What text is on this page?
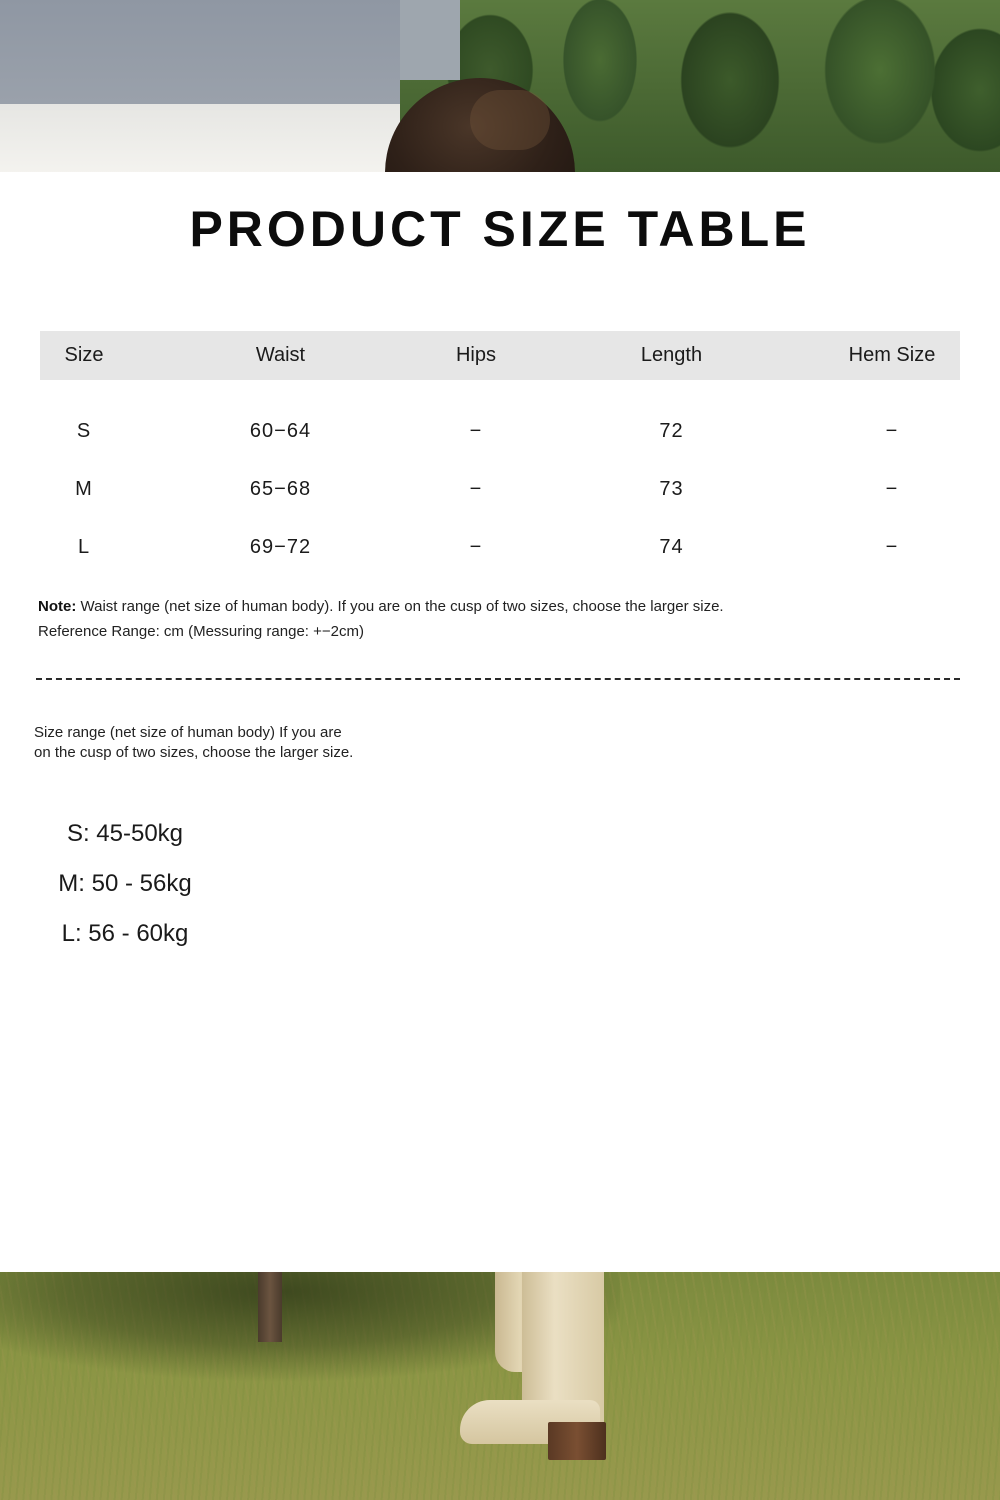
PRODUCT SIZE TABLE
Size	Waist	Hips	Length	Hem Size
S	60−64	−	72	−
M	65−68	−	73	−
L	69−72	−	74	−
Note: Waist range (net size of human body). If you are on the cusp of two sizes, choose the larger size.
Reference Range: cm (Messuring range: +−2cm)
Size range (net size of human body) If you are
on the cusp of two sizes, choose the larger size.
S: 45-50kg
M: 50 - 56kg
L: 56 - 60kg
